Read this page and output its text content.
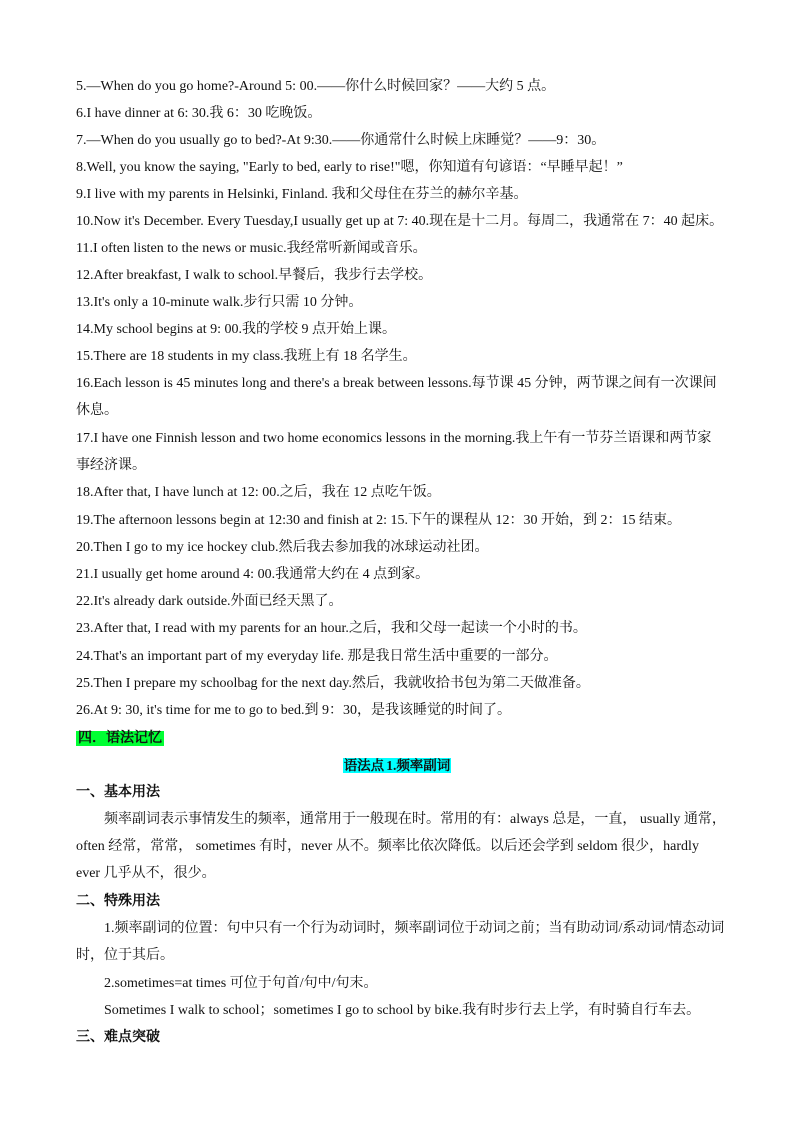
5.—When do you go home?-Around 5: 00.——你什么时候回家？——大约 5 点。
6.I have dinner at 6: 30.我 6：30 吃晚饭。
7.—When do you usually go to bed?-At 9:30.——你通常什么时候上床睡觉？——9：30。
8.Well, you know the saying, "Early to bed, early to rise!"嗯，你知道有句谚语：“早睡早起！”
9.I live with my parents in Helsinki, Finland. 我和父母住在芬兰的赫尔辛基。
10.Now it's December. Every Tuesday,I usually get up at 7: 40.现在是十二月。每周二，我通常在 7：40 起床。
11.I often listen to the news or music.我经常听新闻或音乐。
12.After breakfast, I walk to school.早餐后，我步行去学校。
13.It's only a 10-minute walk.步行只需 10 分钟。
14.My school begins at 9: 00.我的学校 9 点开始上课。
15.There are 18 students in my class.我班上有 18 名学生。
16.Each lesson is 45 minutes long and there's a break between lessons.每节课 45 分钟，两节课之间有一次课间
休息。
17.I have one Finnish lesson and two home economics lessons in the morning.我上午有一节芬兰语课和两节家
事经济课。
18.After that, I have lunch at 12: 00.之后，我在 12 点吃午饭。
19.The afternoon lessons begin at 12:30 and finish at 2: 15.下午的课程从 12：30 开始，到 2：15 结束。
20.Then I go to my ice hockey club.然后我去参加我的冰球运动社团。
21.I usually get home around 4: 00.我通常大约在 4 点到家。
22.It's already dark outside.外面已经天黑了。
23.After that, I read with my parents for an hour.之后，我和父母一起读一个小时的书。
24.That's an important part of my everyday life. 那是我日常生活中重要的一部分。
25.Then I prepare my schoolbag for the next day.然后，我就收拾书包为第二天做准备。
26.At 9: 30, it's time for me to go to bed.到 9：30，是我该睡觉的时间了。
四．语法记忆
语法点 1.频率副词
一、基本用法
频率副词表示事情发生的频率，通常用于一般现在时。常用的有：always 总是，一直， usually 通常，
often 经常，常常， sometimes 有时，never 从不。频率比依次降低。以后还会学到 seldom 很少，hardly
ever 几乎从不，很少。
二、特殊用法
1.频率副词的位置：句中只有一个行为动词时，频率副词位于动词之前；当有助动词/系动词/情态动词
时，位于其后。
2.sometimes=at times 可位于句首/句中/句末。
Sometimes I walk to school；sometimes I go to school by bike.我有时步行去上学，有时骑自行车去。
三、难点突破
